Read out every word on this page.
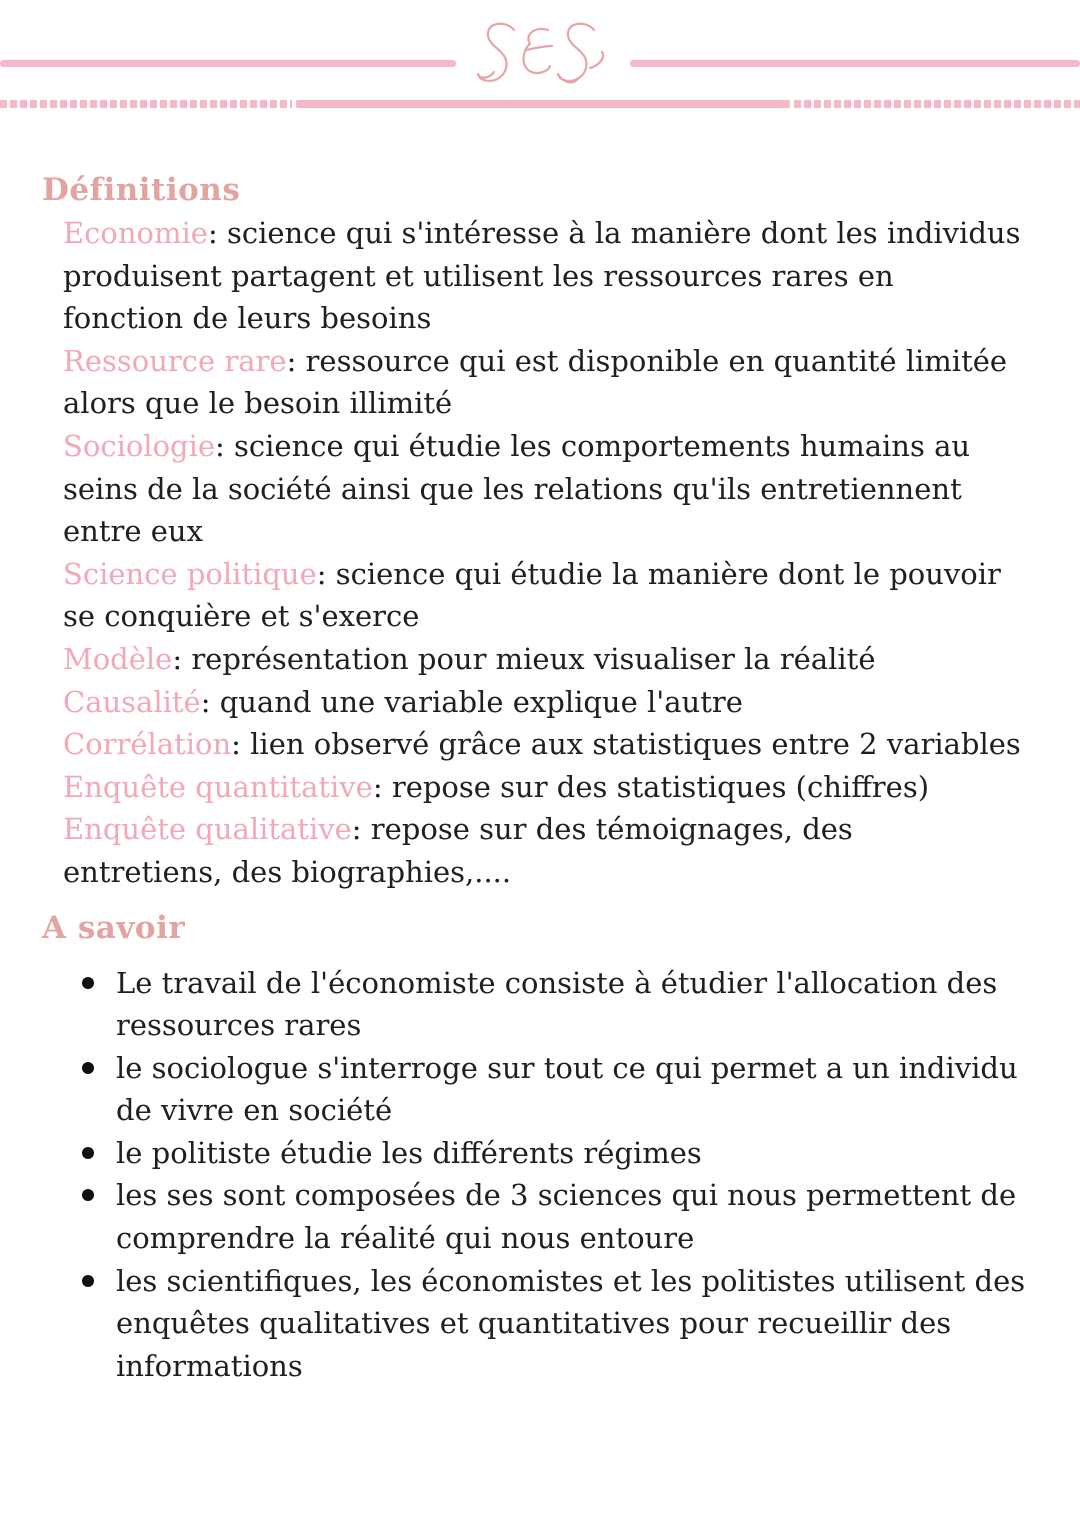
Définitions
Economie: science qui s'intéresse à la manière dont les individus produisent partagent et utilisent les ressources rares en fonction de leurs besoins
Ressource rare: ressource qui est disponible en quantité limitée alors que le besoin illimité
Sociologie: science qui étudie les comportements humains au seins de la société ainsi que les relations qu'ils entretiennent entre eux
Science politique: science qui étudie la manière dont le pouvoir se conquière et s'exerce
Modèle: représentation pour mieux visualiser la réalité
Causalité: quand une variable explique l'autre
Corrélation: lien observé grâce aux statistiques entre 2 variables
Enquête quantitative: repose sur des statistiques (chiffres)
Enquête qualitative: repose sur des témoignages, des entretiens, des biographies,....
A savoir
Le travail de l'économiste consiste à étudier l'allocation des ressources rares
le sociologue s'interroge sur tout ce qui permet a un individu de vivre en société
le politiste étudie les différents régimes
les ses sont composées de 3 sciences qui nous permettent de comprendre la réalité qui nous entoure
les scientifiques, les économistes et les politistes utilisent des enquêtes qualitatives et quantitatives pour recueillir des informations
